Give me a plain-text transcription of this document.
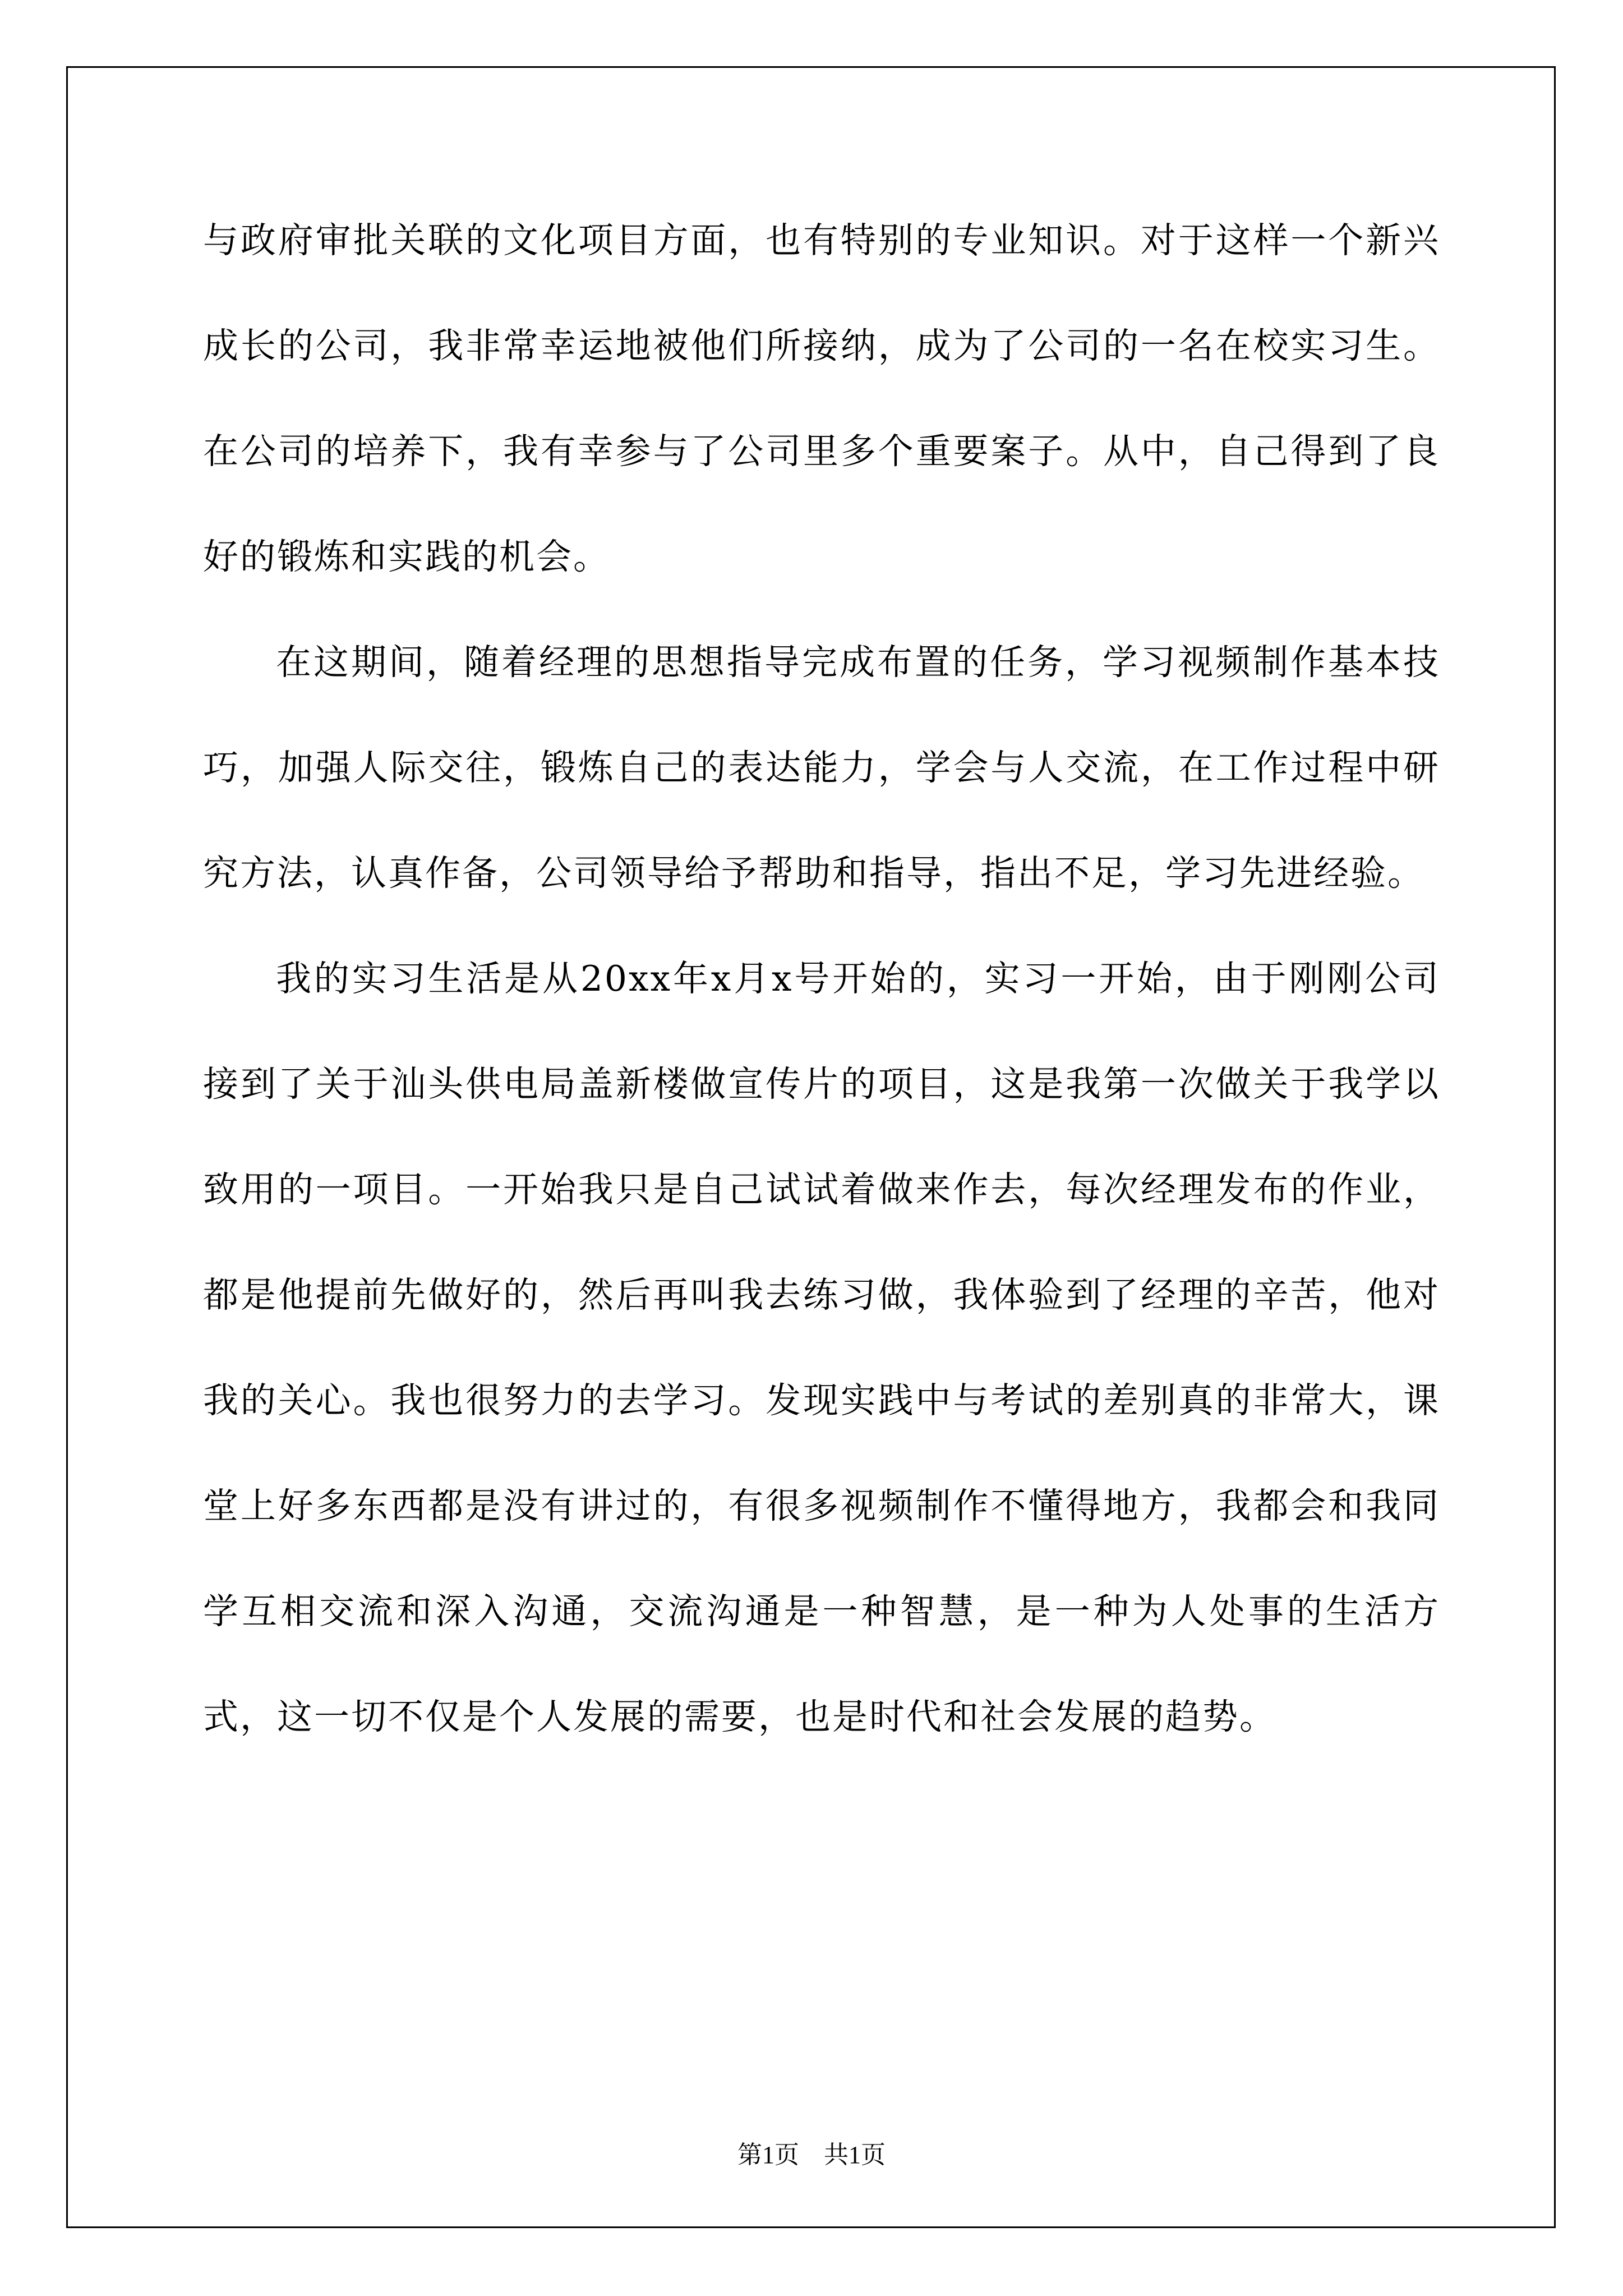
与政府审批关联的文化项目方面，也有特别的专业知识。对于这样一个新兴成长的公司，我非常幸运地被他们所接纳，成为了公司的一名在校实习生。在公司的培养下，我有幸参与了公司里多个重要案子。从中，自己得到了良好的锻炼和实践的机会。

在这期间，随着经理的思想指导完成布置的任务，学习视频制作基本技巧，加强人际交往，锻炼自己的表达能力，学会与人交流，在工作过程中研究方法，认真作备，公司领导给予帮助和指导，指出不足，学习先进经验。

我的实习生活是从20xx年x月x号开始的，实习一开始，由于刚刚公司接到了关于汕头供电局盖新楼做宣传片的项目，这是我第一次做关于我学以致用的一项目。一开始我只是自己试试着做来作去，每次经理发布的作业，都是他提前先做好的，然后再叫我去练习做，我体验到了经理的辛苦，他对我的关心。我也很努力的去学习。发现实践中与考试的差别真的非常大，课堂上好多东西都是没有讲过的，有很多视频制作不懂得地方，我都会和我同学互相交流和深入沟通，交流沟通是一种智慧，是一种为人处事的生活方式，这一切不仅是个人发展的需要，也是时代和社会发展的趋势。

第1页　共1页
